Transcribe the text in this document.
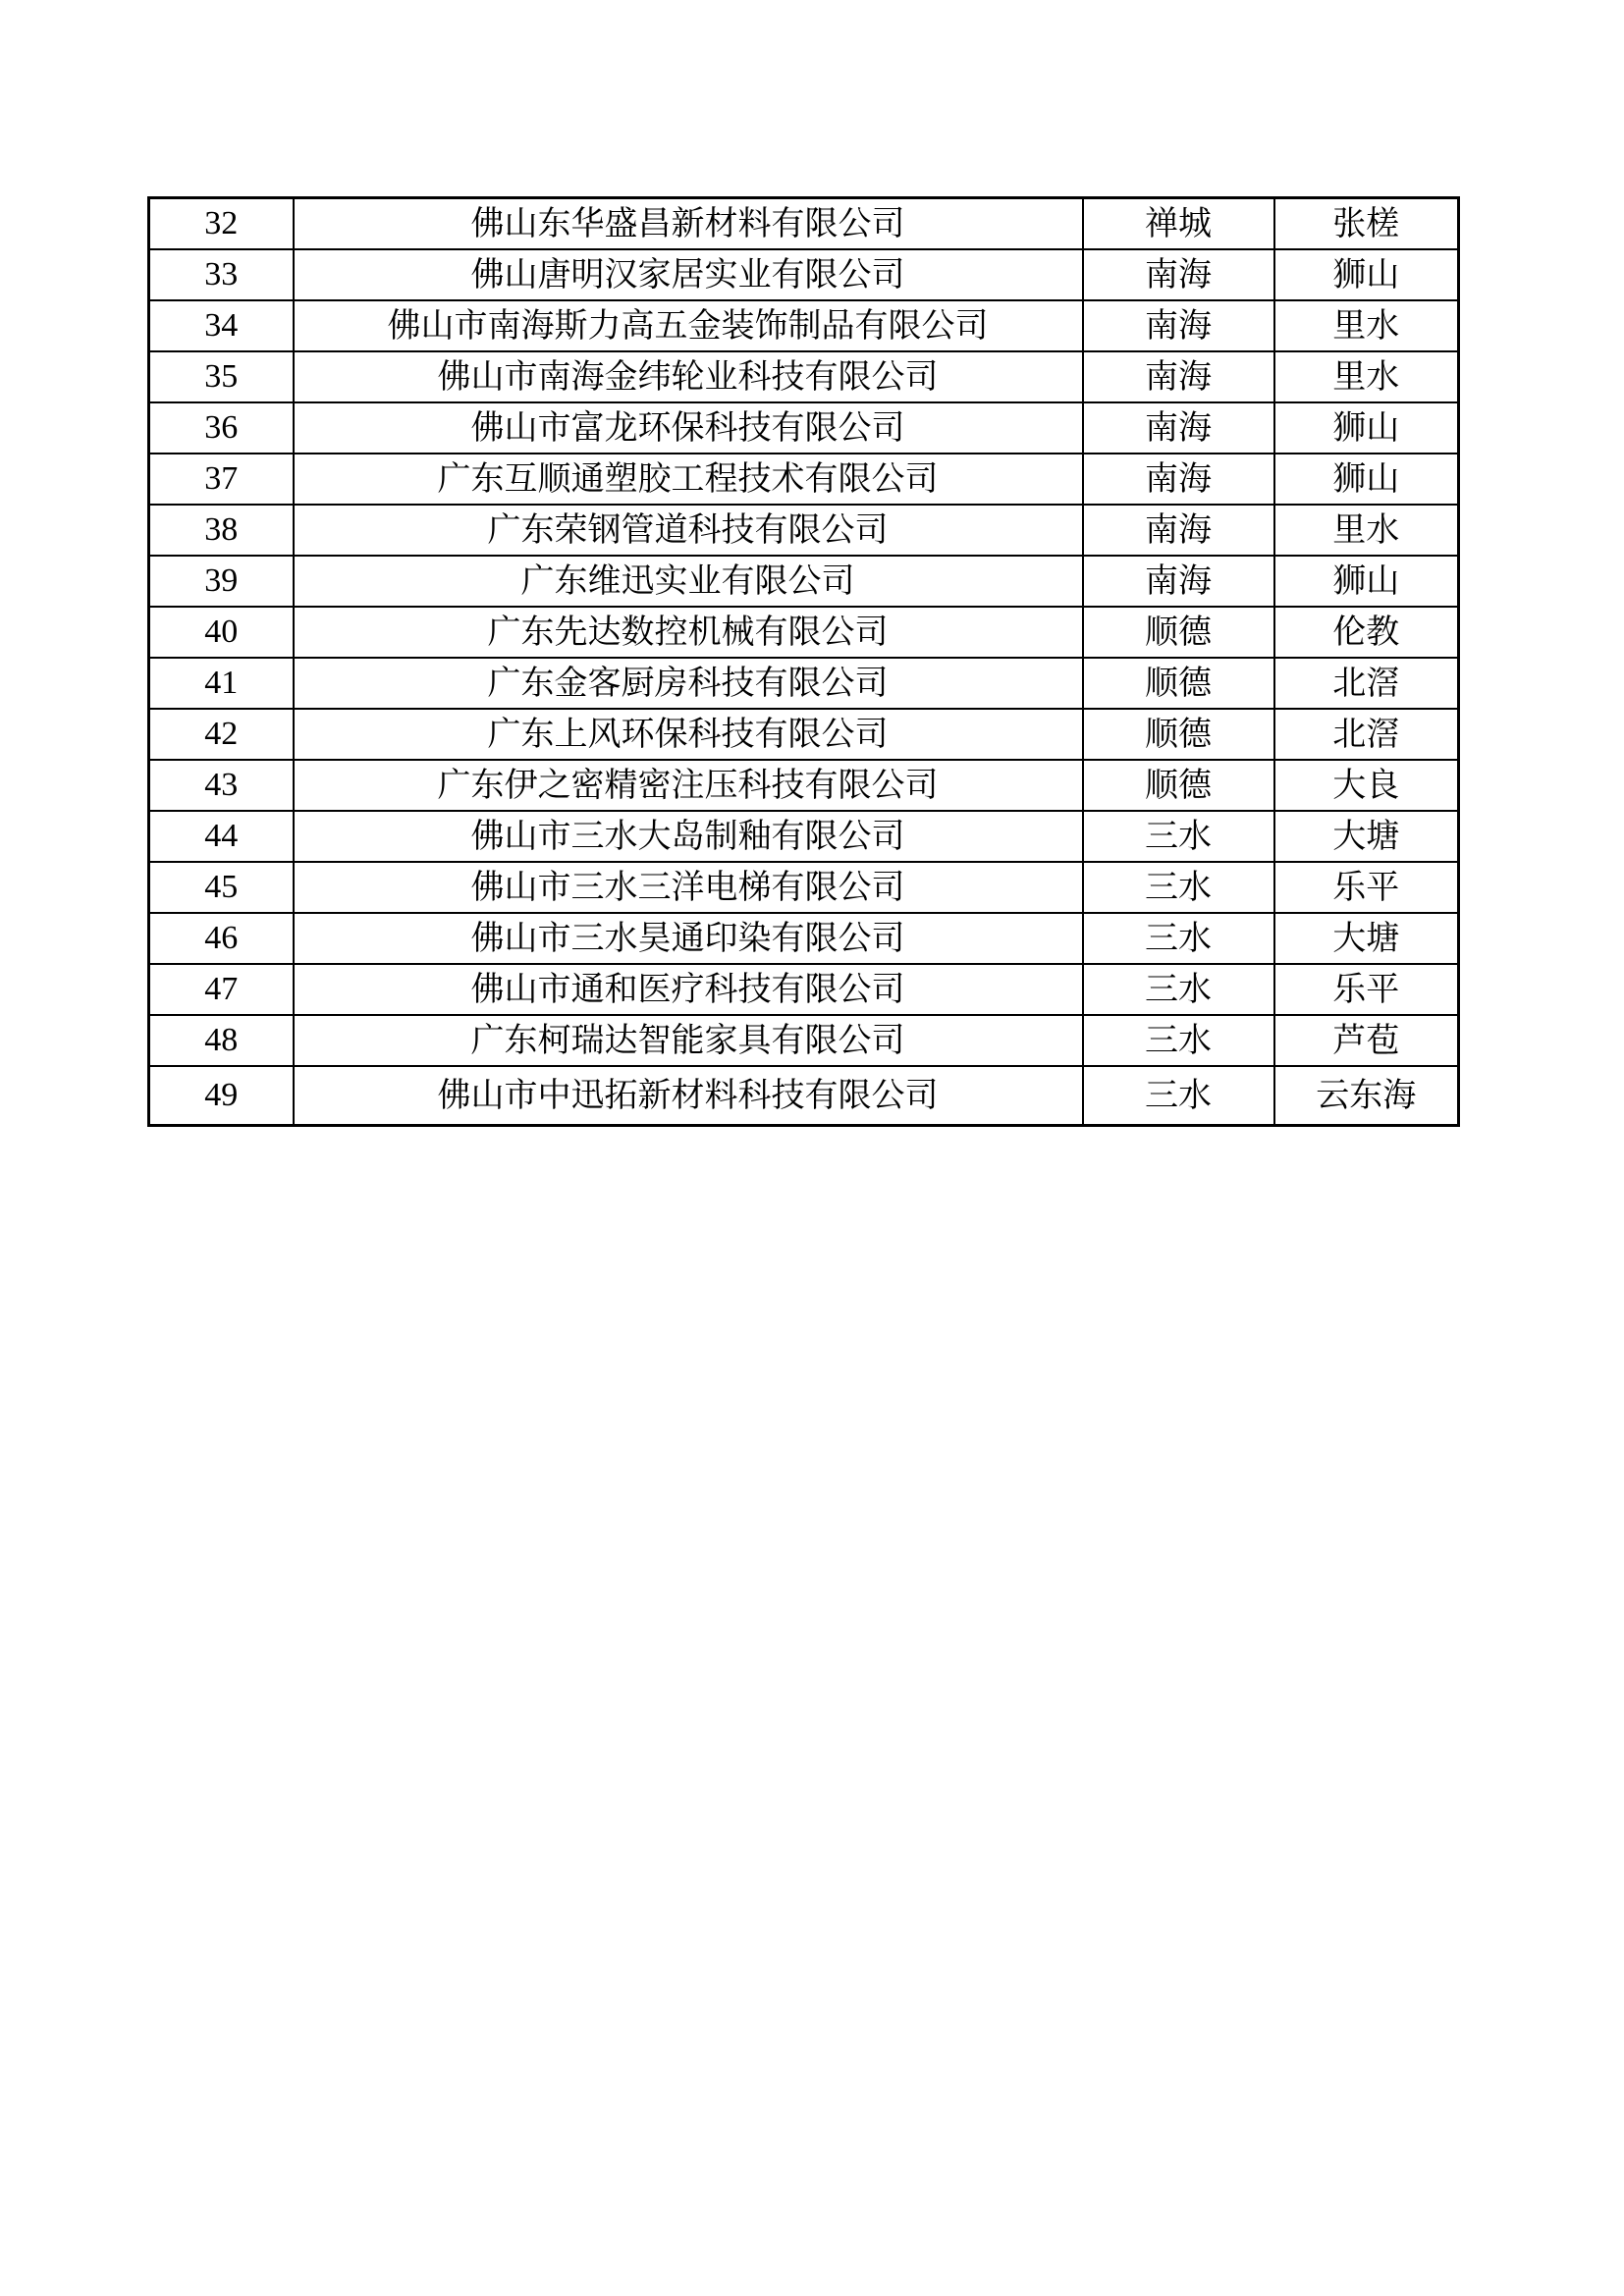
32	佛山东华盛昌新材料有限公司	禅城	张槎
33	佛山唐明汉家居实业有限公司	南海	狮山
34	佛山市南海斯力高五金装饰制品有限公司	南海	里水
35	佛山市南海金纬轮业科技有限公司	南海	里水
36	佛山市富龙环保科技有限公司	南海	狮山
37	广东互顺通塑胶工程技术有限公司	南海	狮山
38	广东荣钢管道科技有限公司	南海	里水
39	广东维迅实业有限公司	南海	狮山
40	广东先达数控机械有限公司	顺德	伦教
41	广东金客厨房科技有限公司	顺德	北滘
42	广东上风环保科技有限公司	顺德	北滘
43	广东伊之密精密注压科技有限公司	顺德	大良
44	佛山市三水大岛制釉有限公司	三水	大塘
45	佛山市三水三洋电梯有限公司	三水	乐平
46	佛山市三水昊通印染有限公司	三水	大塘
47	佛山市通和医疗科技有限公司	三水	乐平
48	广东柯瑞达智能家具有限公司	三水	芦苞
49	佛山市中迅拓新材料科技有限公司	三水	云东海
